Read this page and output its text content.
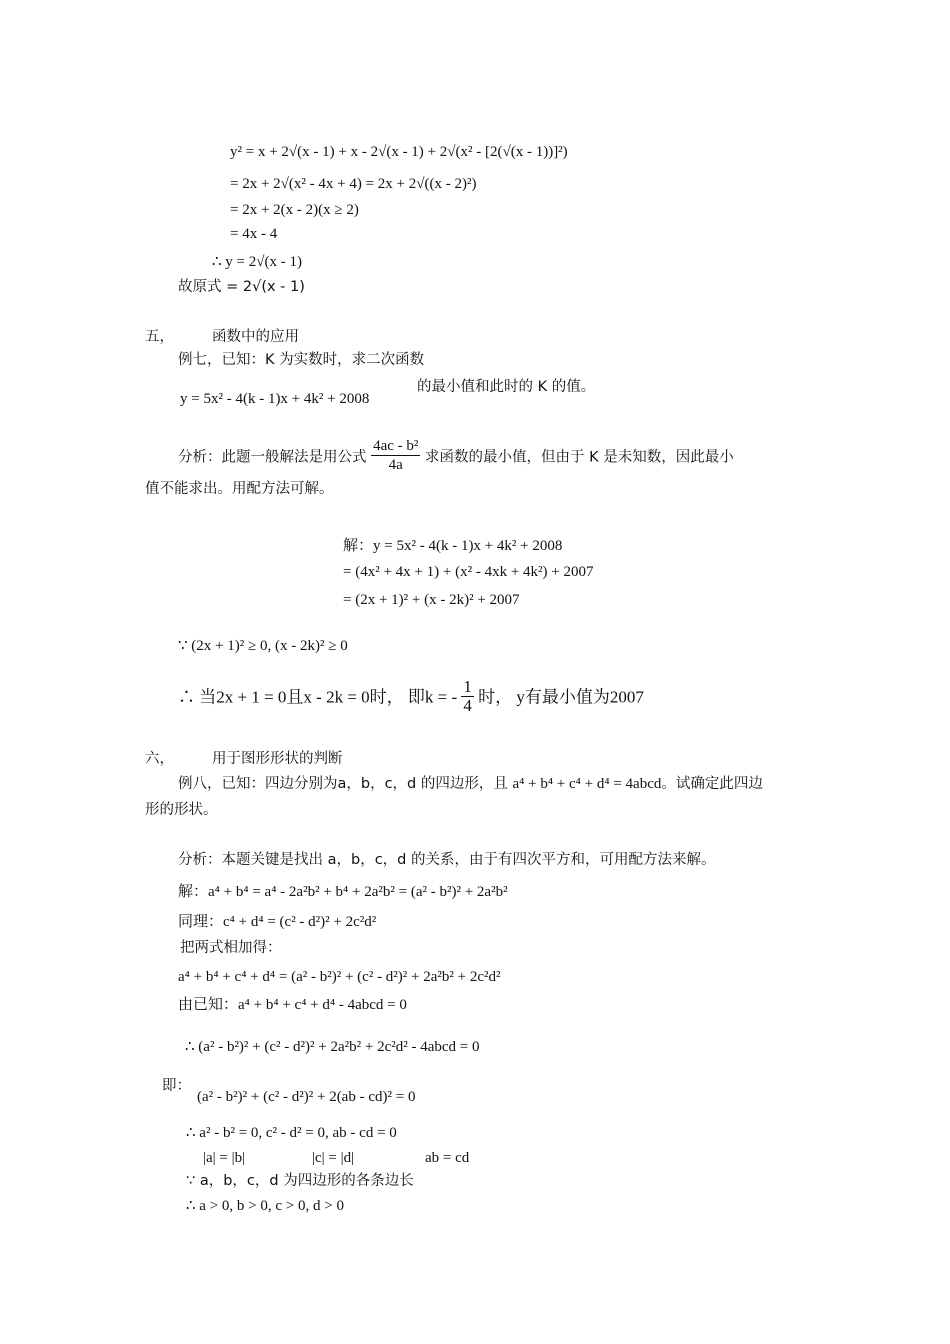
y² = x + 2√(x - 1) + x - 2√(x - 1) + 2√(x² - [2(√(x - 1))]²)
= 2x + 2√(x² - 4x + 4) = 2x + 2√((x - 2)²)
= 2x + 2(x - 2)(x ≥ 2)
= 4x - 4
∴ y = 2√(x - 1)
故原式 = 2√(x - 1)
五，	函数中的应用
例七，已知：K 为实数时，求二次函数
y = 5x² - 4(k - 1)x + 4k² + 2008
的最小值和此时的 K 的值。
分析：此题一般解法是用公式 $\frac{\text{4ac - b²}}{4a}$ 求函数的最小值，但由于 K 是未知数，因此最小
值不能求出。用配方法可解。
解：y = 5x² - 4(k - 1)x + 4k² + 2008
= (4x² + 4x + 1) + (x² - 4xk + 4k²) + 2007
= (2x + 1)² + (x - 2k)² + 2007
∵ (2x + 1)² ≥ 0, (x - 2k)² ≥ 0
∴ 当2x + 1 = 0且x - 2k = 0时， 即k = - $\frac{1}{4}$ 时， y有最小值为2007
六，	用于图形形状的判断
例八，已知：四边分别为a，b，c，d 的四边形，且 a⁴ + b⁴ + c⁴ + d⁴ = 4abcd。试确定此四边
形的形状。
分析：本题关键是找出 a，b，c，d 的关系，由于有四次平方和，可用配方法来解。
解：a⁴ + b⁴ = a⁴ - 2a²b² + b⁴ + 2a²b² = (a² - b²)² + 2a²b²
同理：c⁴ + d⁴ = (c² - d²)² + 2c²d²
把两式相加得：
a⁴ + b⁴ + c⁴ + d⁴ = (a² - b²)² + (c² - d²)² + 2a²b² + 2c²d²
由已知：a⁴ + b⁴ + c⁴ + d⁴ - 4abcd = 0
∴ (a² - b²)² + (c² - d²)² + 2a²b² + 2c²d² - 4abcd = 0
即：
(a² - b²)² + (c² - d²)² + 2(ab - cd)² = 0
∴ a² - b² = 0, c² - d² = 0, ab - cd = 0
|a| = |b|	|c| = |d|	ab = cd
∵ a，b，c，d 为四边形的各条边长
∴ a > 0, b > 0, c > 0, d > 0
